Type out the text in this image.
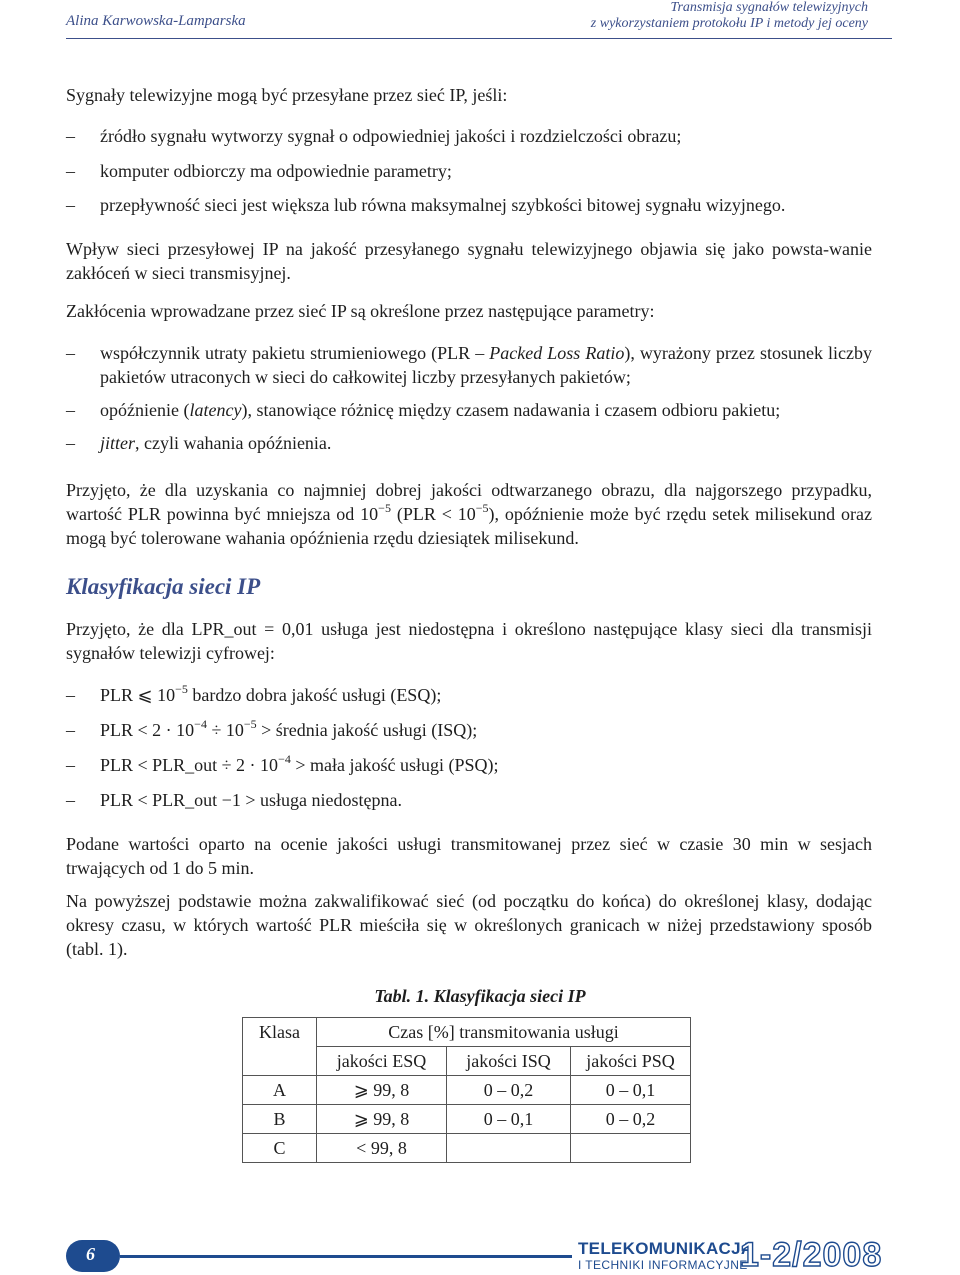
Alina Karwowska-Lamparska
Transmisja sygnałów telewizyjnych
z wykorzystaniem protokołu IP i metody jej oceny
Sygnały telewizyjne mogą być przesyłane przez sieć IP, jeśli:
– źródło sygnału wytworzy sygnał o odpowiedniej jakości i rozdzielczości obrazu;
– komputer odbiorczy ma odpowiednie parametry;
– przepływność sieci jest większa lub równa maksymalnej szybkości bitowej sygnału wizyjnego.
Wpływ sieci przesyłowej IP na jakość przesyłanego sygnału telewizyjnego objawia się jako powsta-wanie zakłóceń w sieci transmisyjnej.
Zakłócenia wprowadzane przez sieć IP są określone przez następujące parametry:
– współczynnik utraty pakietu strumieniowego (PLR – Packed Loss Ratio), wyrażony przez stosunek liczby pakietów utraconych w sieci do całkowitej liczby przesyłanych pakietów;
– opóźnienie (latency), stanowiące różnicę między czasem nadawania i czasem odbioru pakietu;
– jitter, czyli wahania opóźnienia.
Przyjęto, że dla uzyskania co najmniej dobrej jakości odtwarzanego obrazu, dla najgorszego przypadku, wartość PLR powinna być mniejsza od $10^{-5}$ $(PLR < 10^{-5})$, opóźnienie może być rzędu setek milisekund oraz mogą być tolerowane wahania opóźnienia rzędu dziesiątek milisekund.
Klasyfikacja sieci IP
Przyjęto, że dla LPR_out = 0,01 usługa jest niedostępna i określono następujące klasy sieci dla transmisji sygnałów telewizji cyfrowej:
– PLR ⩽ $10^{-5}$ bardzo dobra jakość usługi (ESQ);
– PLR < $2 \cdot 10^{-4} \div 10^{-5}$ > średnia jakość usługi (ISQ);
– PLR < PLR_out ÷ $2 \cdot 10^{-4}$ > mała jakość usługi (PSQ);
– PLR < PLR_out −1 > usługa niedostępna.
Podane wartości oparto na ocenie jakości usługi transmitowanej przez sieć w czasie 30 min w sesjach trwających od 1 do 5 min.
Na powyższej podstawie można zakwalifikować sieć (od początku do końca) do określonej klasy, dodając okresy czasu, w których wartość PLR mieściła się w określonych granicach w niżej przedstawiony sposób (tabl. 1).
Tabl. 1. Klasyfikacja sieci IP
Klasa	Czas [%] transmitowania usługi		
	jakości ESQ	jakości ISQ	jakości PSQ
A	⩾ 99, 8	0 – 0,2	0 – 0,1
B	⩾ 99, 8	0 – 0,1	0 – 0,2
C	< 99, 8		
6	TELEKOMUNIKACJA
I TECHNIKI INFORMACYJNE
1-2/2008
